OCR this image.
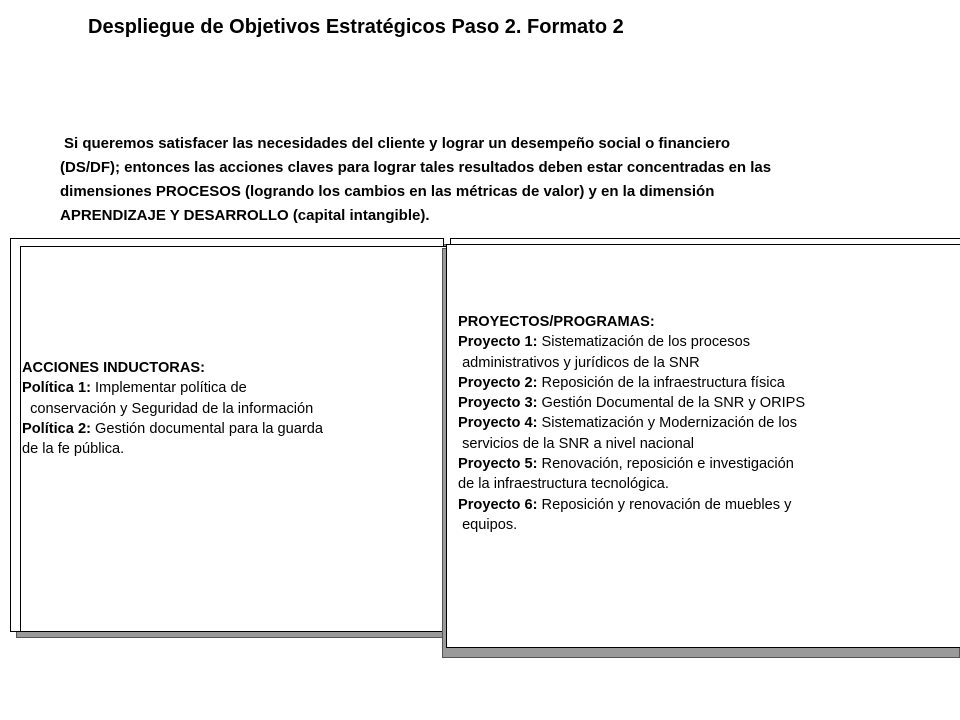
Despliegue de Objetivos Estratégicos Paso 2. Formato 2
Si queremos satisfacer las necesidades del cliente y lograr un desempeño social o financiero
(DS/DF); entonces las acciones claves para lograr tales resultados deben estar concentradas en las
dimensiones PROCESOS (logrando los cambios en las métricas de valor) y en la dimensión
APRENDIZAJE Y DESARROLLO (capital intangible).
ACCIONES INDUCTORAS:
Política 1: Implementar política de
conservación y Seguridad de la información
Política 2: Gestión documental para la guarda
de la fe pública.
PROYECTOS/PROGRAMAS:
Proyecto 1: Sistematización de los procesos
administrativos y jurídicos de la SNR
Proyecto 2: Reposición de la infraestructura física
Proyecto 3: Gestión Documental de la SNR y ORIPS
Proyecto 4: Sistematización y Modernización de los
servicios de la SNR a nivel nacional
Proyecto 5: Renovación, reposición e investigación
de la infraestructura tecnológica.
Proyecto 6: Reposición y renovación de muebles y
equipos.
